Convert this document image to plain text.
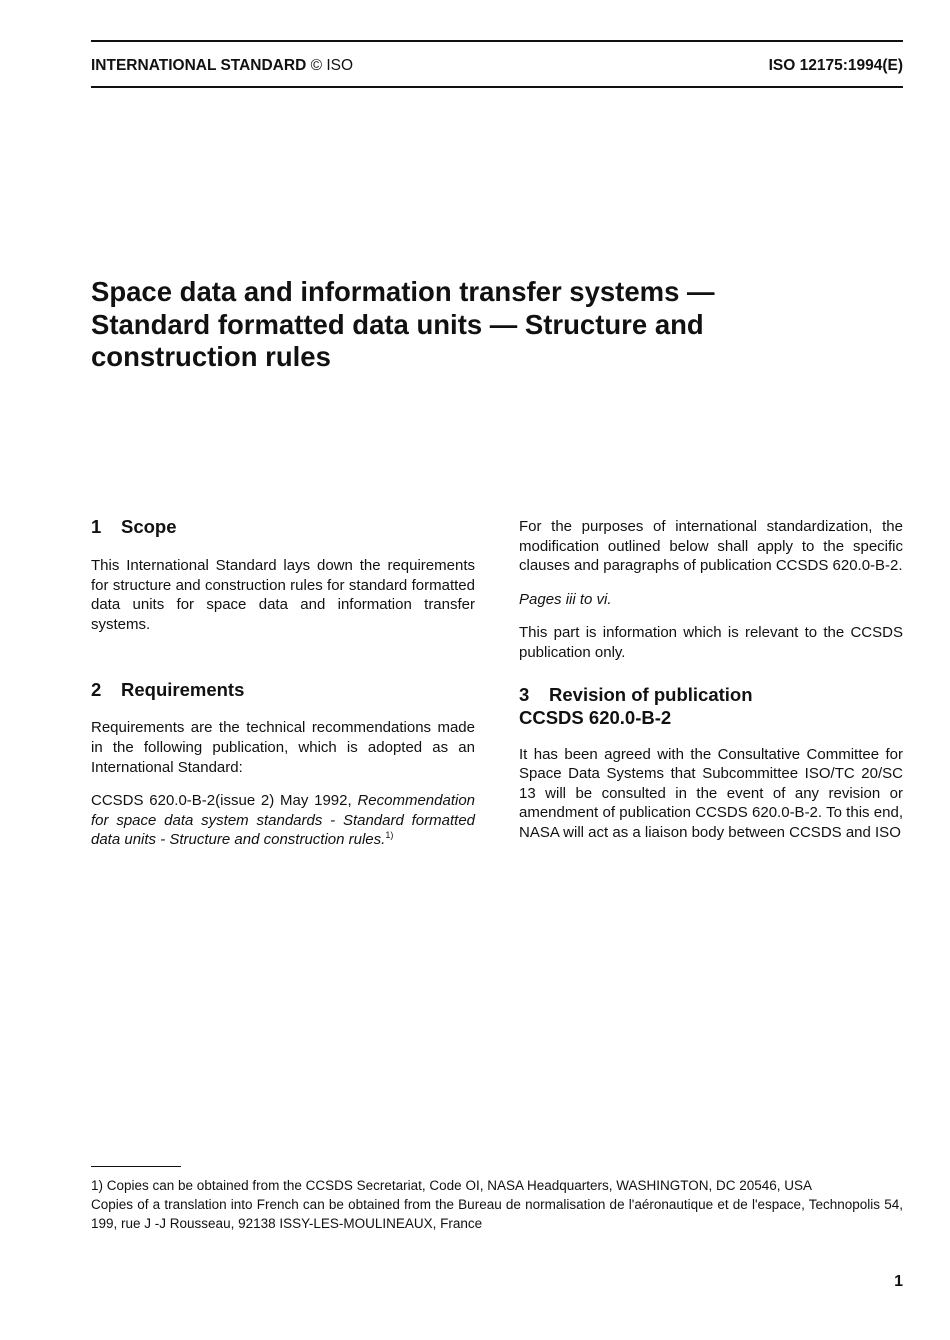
INTERNATIONAL STANDARD © ISO	ISO 12175:1994(E)
Space data and information transfer systems —
Standard formatted data units — Structure and
construction rules
1 Scope

This International Standard lays down the requirements for structure and construction rules for standard formatted data units for space data and information transfer systems.

2 Requirements

Requirements are the technical recommendations made in the following publication, which is adopted as an International Standard:

CCSDS 620.0-B-2(issue 2) May 1992, Recommendation for space data system standards - Standard formatted data units - Structure and construction rules.$^{1)}$

For the purposes of international standardization, the modification outlined below shall apply to the specific clauses and paragraphs of publication CCSDS 620.0-B-2.

Pages iii to vi.

This part is information which is relevant to the CCSDS publication only.

3 Revision of publication
CCSDS 620.0-B-2

It has been agreed with the Consultative Committee for Space Data Systems that Subcommittee ISO/TC 20/SC 13 will be consulted in the event of any revision or amendment of publication CCSDS 620.0-B-2. To this end, NASA will act as a liaison body between CCSDS and ISO

1) Copies can be obtained from the CCSDS Secretariat, Code OI, NASA Headquarters, WASHINGTON, DC 20546, USA

Copies of a translation into French can be obtained from the Bureau de normalisation de l'aéronautique et de l'espace, Technopolis 54, 199, rue J -J Rousseau, 92138 ISSY-LES-MOULINEAUX, France

1
